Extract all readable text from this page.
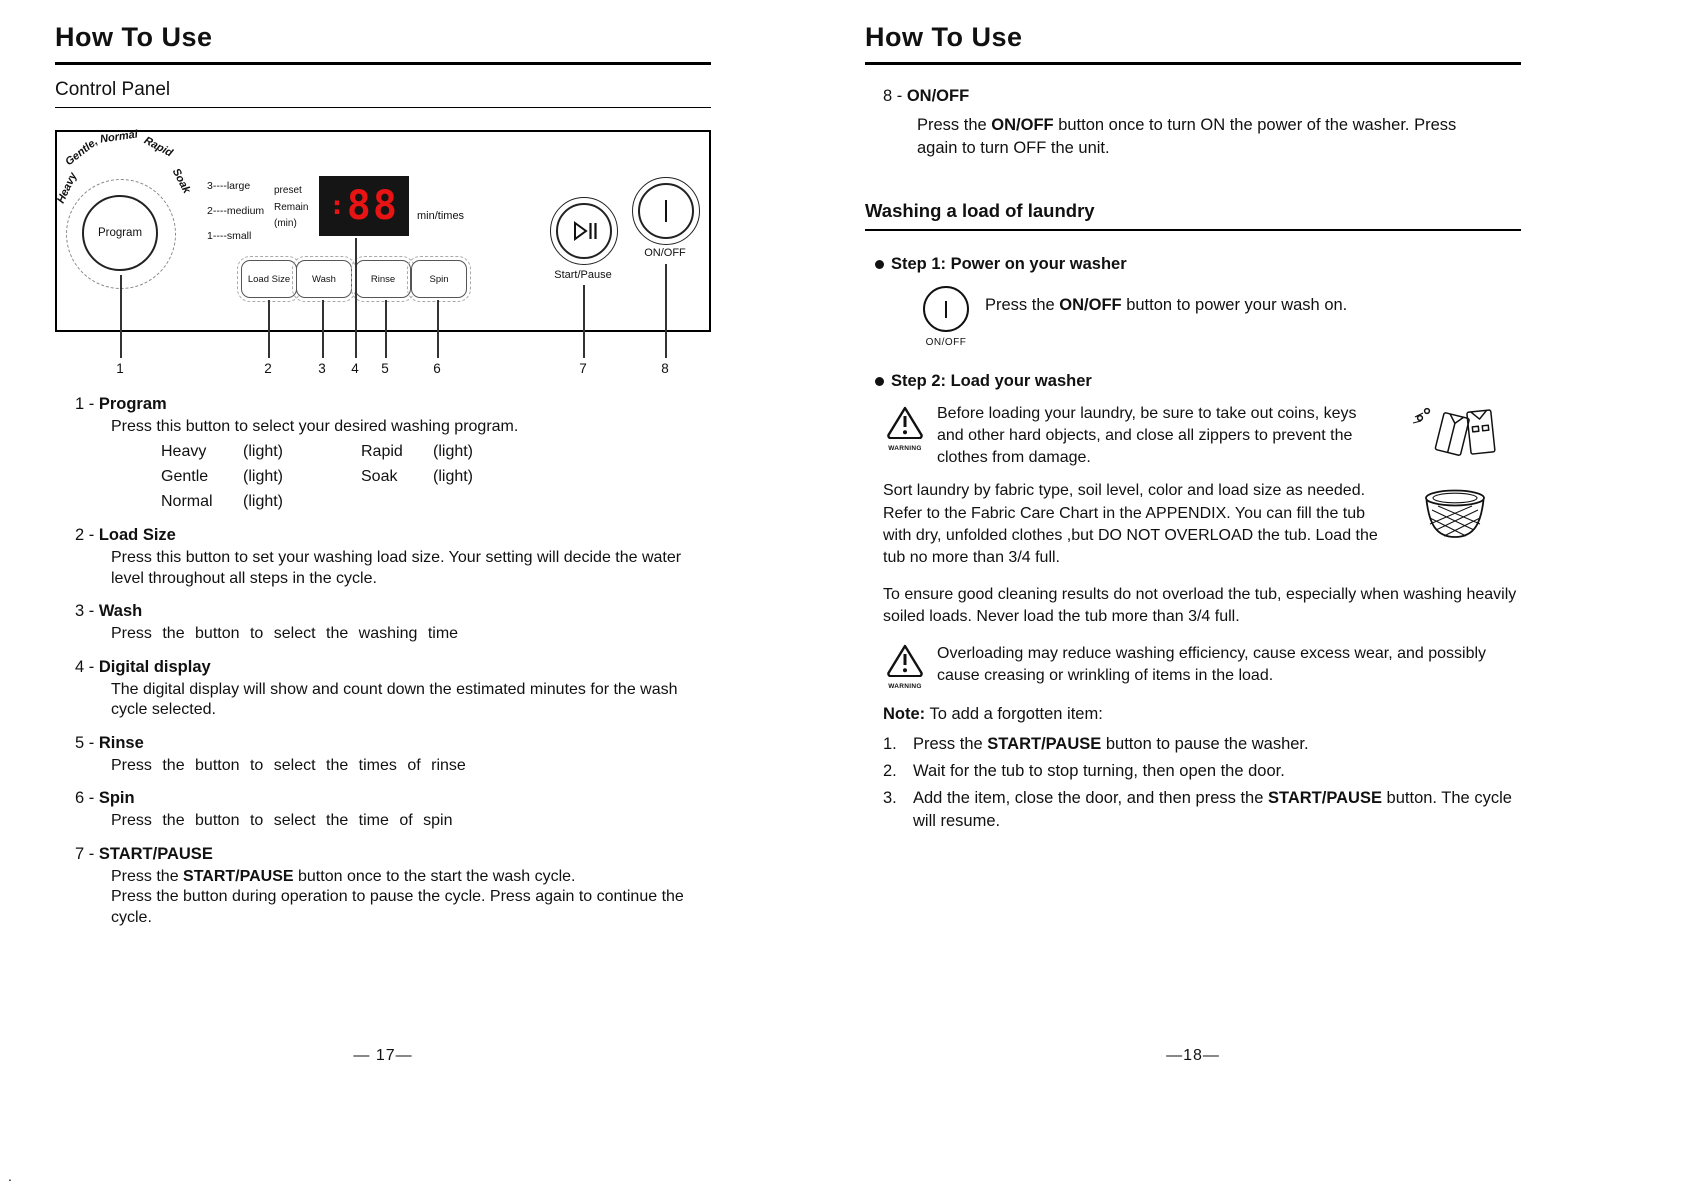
How To Use
Control Panel
Program
Heavy
Gentle, Normal Rapid
Soak 3----large
2----medium
1----small
preset
Remain
(min)
: 88 min/times
Load Size	Wash	Rinse	Spin	Start/Pause
ON/OFF
1	2	3 4 5	6	7	8
1 - Program
Press this button to select your desired washing program.
Heavy	(light)	Rapid	(light)
Gentle	(light)	Soak	(light)
Normal	(light)
2 - Load Size
Press this button to set your washing load size. Your setting will decide the water level throughout all steps in the cycle.
3 - Wash
Press the button to select the washing time
4 - Digital display
The digital display will show and count down the estimated minutes for the wash cycle selected.
5 - Rinse
Press the button to select the times of rinse
6 - Spin
Press the button to select the time of spin
7 - START/PAUSE
Press the START/PAUSE button once to the start the wash cycle.
Press the button during operation to pause the cycle. Press again to continue the cycle.
— 17—
How To Use
8 - ON/OFF
Press the ON/OFF button once to turn ON the power of the washer. Press again to turn OFF the unit.
Washing a load of laundry
Step 1: Power on your washer
ON/OFF
Press the ON/OFF button to power your wash on.
Step 2: Load your washer
WARNING
Before loading your laundry, be sure to take out coins, keys and other hard objects, and close all zippers to prevent the clothes from damage.
Sort laundry by fabric type, soil level, color and load size as needed. Refer to the Fabric Care Chart in the APPENDIX. You can fill the tub with dry, unfolded clothes ,but DO NOT OVERLOAD the tub. Load the tub no more than 3/4 full.
To ensure good cleaning results do not overload the tub, especially when washing heavily soiled loads. Never load the tub more than 3/4 full.
WARNING
Overloading may reduce washing efficiency, cause excess wear, and possibly cause creasing or wrinkling of items in the load.
Note: To add a forgotten item:
1. Press the START/PAUSE button to pause the washer.
2. Wait for the tub to stop turning, then open the door.
3. Add the item, close the door, and then press the START/PAUSE button. The cycle will resume.
—18—
.
